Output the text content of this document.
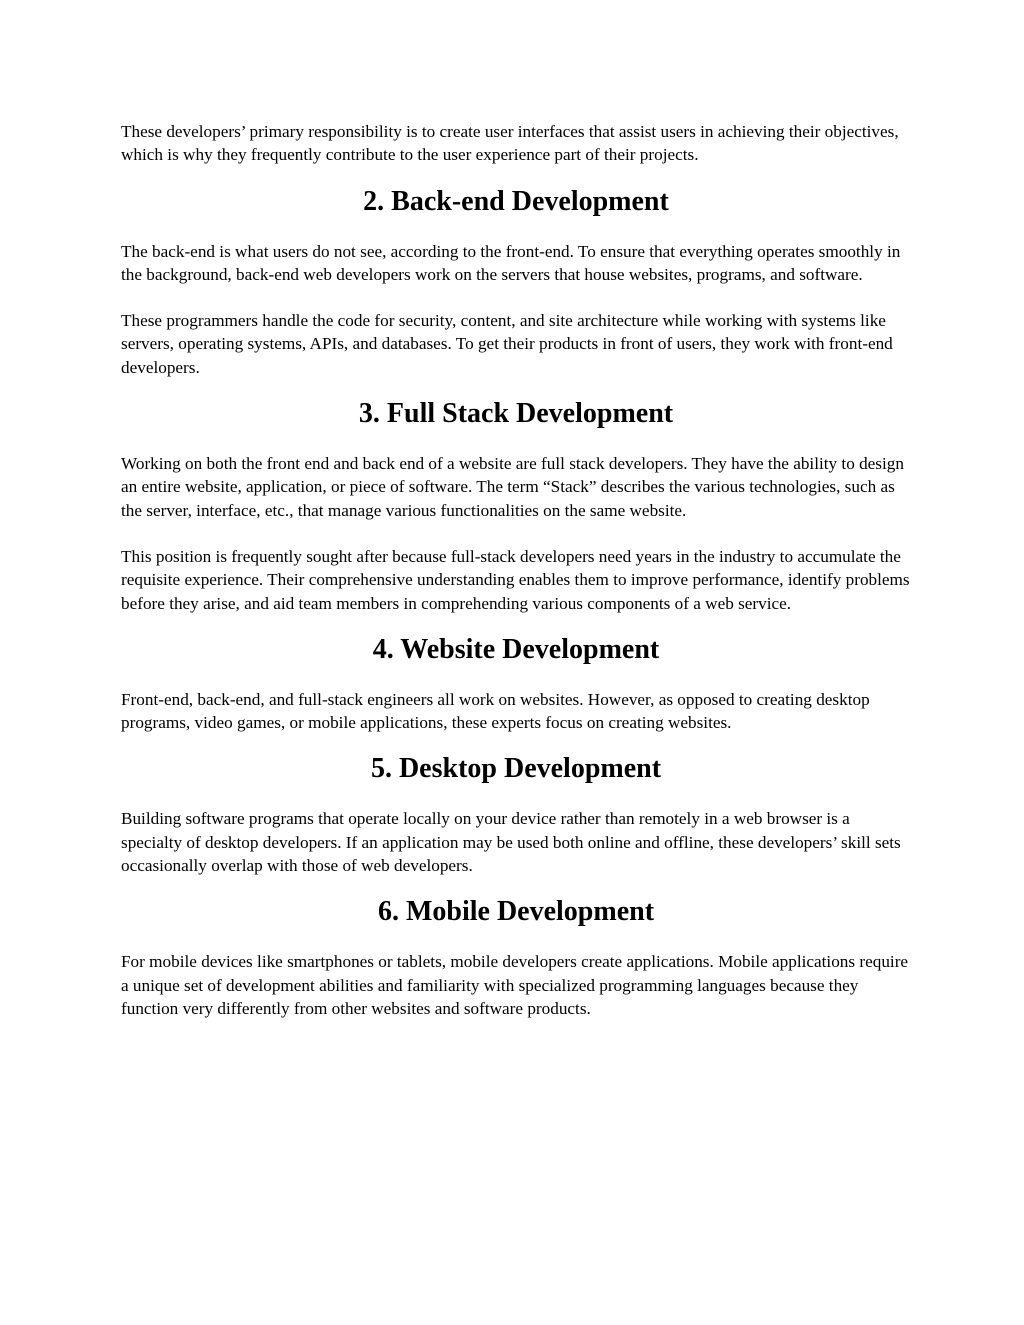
These developers’ primary responsibility is to create user interfaces that assist users in achieving their objectives, which is why they frequently contribute to the user experience part of their projects.

2. Back-end Development

The back-end is what users do not see, according to the front-end. To ensure that everything operates smoothly in the background, back-end web developers work on the servers that house websites, programs, and software.

These programmers handle the code for security, content, and site architecture while working with systems like servers, operating systems, APIs, and databases. To get their products in front of users, they work with front-end developers.

3. Full Stack Development

Working on both the front end and back end of a website are full stack developers. They have the ability to design an entire website, application, or piece of software. The term “Stack” describes the various technologies, such as the server, interface, etc., that manage various functionalities on the same website.

This position is frequently sought after because full-stack developers need years in the industry to accumulate the requisite experience. Their comprehensive understanding enables them to improve performance, identify problems before they arise, and aid team members in comprehending various components of a web service.

4. Website Development

Front-end, back-end, and full-stack engineers all work on websites. However, as opposed to creating desktop programs, video games, or mobile applications, these experts focus on creating websites.

5. Desktop Development

Building software programs that operate locally on your device rather than remotely in a web browser is a specialty of desktop developers. If an application may be used both online and offline, these developers’ skill sets occasionally overlap with those of web developers.

6. Mobile Development

For mobile devices like smartphones or tablets, mobile developers create applications. Mobile applications require a unique set of development abilities and familiarity with specialized programming languages because they function very differently from other websites and software products.
